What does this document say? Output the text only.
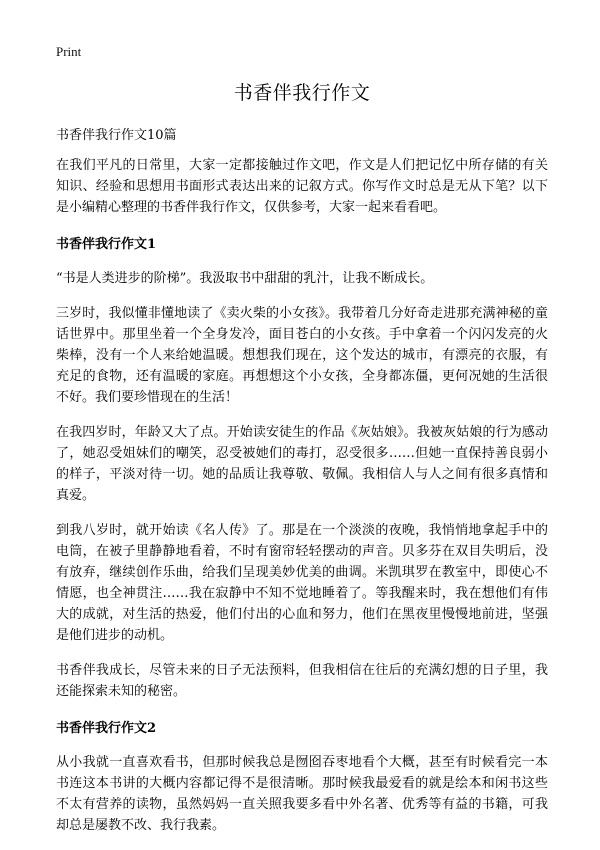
Print
书香伴我行作文
书香伴我行作文10篇

在我们平凡的日常里，大家一定都接触过作文吧，作文是人们把记忆中所存储的有关知识、经验和思想用书面形式表达出来的记叙方式。你写作文时总是无从下笔？以下是小编精心整理的书香伴我行作文，仅供参考，大家一起来看看吧。

书香伴我行作文1

“书是人类进步的阶梯”。我汲取书中甜甜的乳汁，让我不断成长。

三岁时，我似懂非懂地读了《卖火柴的小女孩》。我带着几分好奇走进那充满神秘的童话世界中。那里坐着一个全身发冷，面目苍白的小女孩。手中拿着一个闪闪发亮的火柴棒，没有一个人来给她温暖。想想我们现在，这个发达的城市，有漂亮的衣服，有充足的食物，还有温暖的家庭。再想想这个小女孩，全身都冻僵，更何况她的生活很不好。我们要珍惜现在的生活！

在我四岁时，年龄又大了点。开始读安徒生的作品《灰姑娘》。我被灰姑娘的行为感动了，她忍受姐妹们的嘲笑，忍受被她们的毒打，忍受很多……但她一直保持善良弱小的样子，平淡对待一切。她的品质让我尊敬、敬佩。我相信人与人之间有很多真情和真爱。

到我八岁时，就开始读《名人传》了。那是在一个淡淡的夜晚，我悄悄地拿起手中的电筒，在被子里静静地看着，不时有窗帘轻轻摆动的声音。贝多芬在双目失明后，没有放弃，继续创作乐曲，给我们呈现美妙优美的曲调。米凯琪罗在教室中，即使心不情愿，也全神贯注……我在寂静中不知不觉地睡着了。等我醒来时，我在想他们有伟大的成就，对生活的热爱，他们付出的心血和努力，他们在黑夜里慢慢地前进，坚强是他们进步的动机。

书香伴我成长，尽管未来的日子无法预料，但我相信在往后的充满幻想的日子里，我还能探索未知的秘密。

书香伴我行作文2

从小我就一直喜欢看书，但那时候我总是囫囵吞枣地看个大概，甚至有时候看完一本书连这本书讲的大概内容都记得不是很清晰。那时候我最爱看的就是绘本和闲书这些不太有营养的读物，虽然妈妈一直关照我要多看中外名著、优秀等有益的书籍，可我却总是屡教不改、我行我素。
